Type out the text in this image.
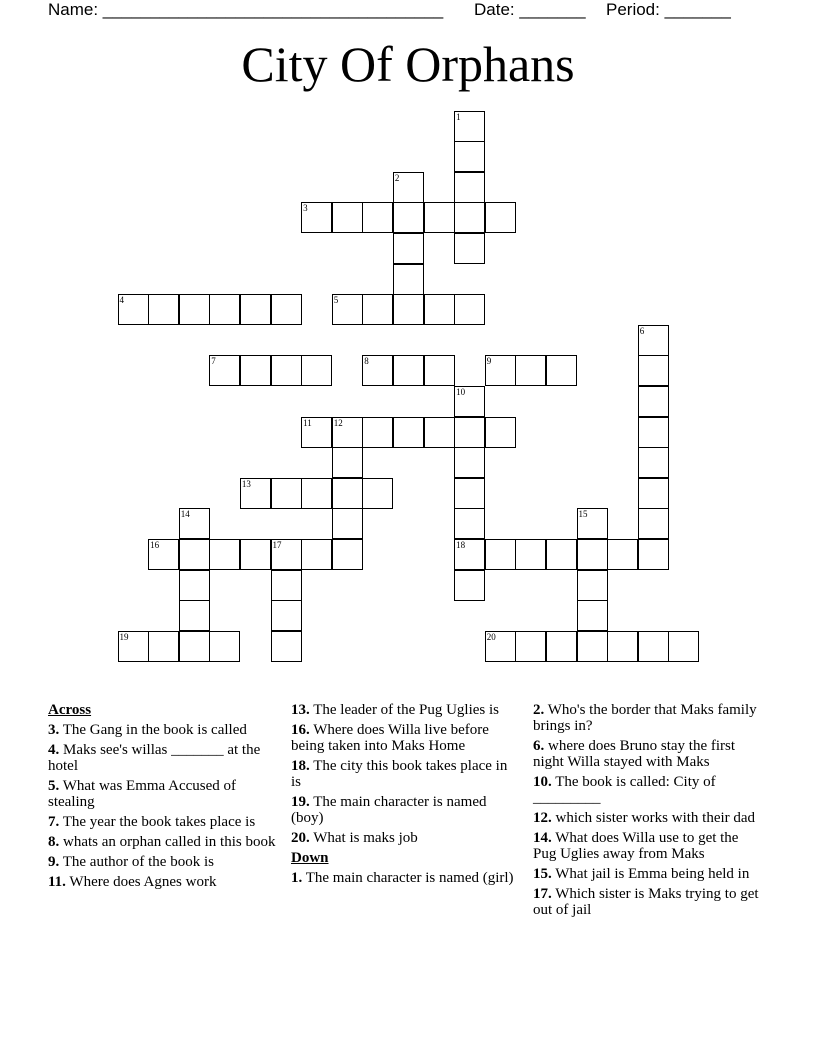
Name: ____________________________________ Date: _______ Period: _______
City Of Orphans
1
2
3
4	5
6
7	8	9
10
18
11 12
13
14	15
16	17
19	20
Across
3. The Gang in the book is called
4. Maks see's willas _______ at the hotel
5. What was Emma Accused of stealing
7. The year the book takes place is
8. whats an orphan called in this book
9. The author of the book is
11. Where does Agnes work
13. The leader of the Pug Uglies is
16. Where does Willa live before being taken into Maks Home
18. The city this book takes place in is
19. The main character is named (boy)
20. What is maks job
Down
1. The main character is named (girl)
2. Who's the border that Maks family brings in?
6. where does Bruno stay the first night Willa stayed with Maks
10. The book is called: City of _________
12. which sister works with their dad
14. What does Willa use to get the Pug Uglies away from Maks
15. What jail is Emma being held in
17. Which sister is Maks trying to get out of jail
